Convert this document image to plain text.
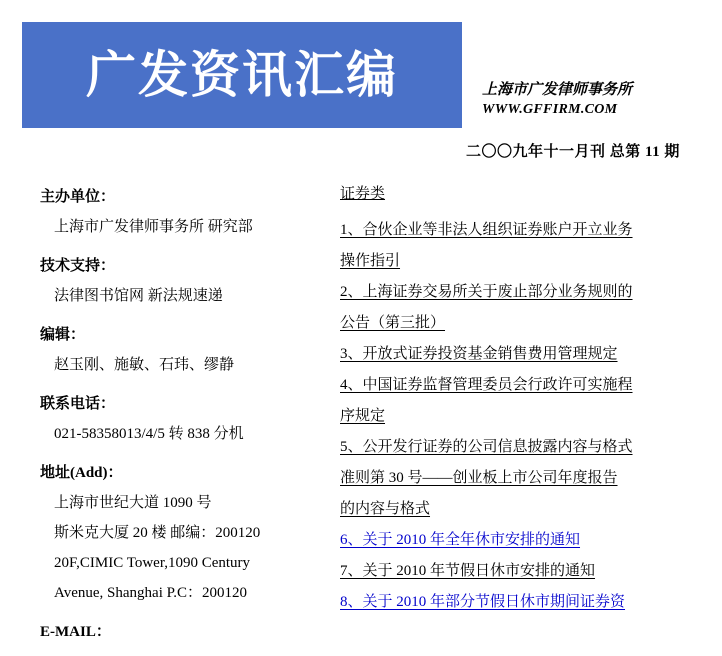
广发资讯汇编	上海市广发律师事务所
WWW.GFFIRM.COM
二〇〇九年十一月刊 总第 11 期
主办单位：
上海市广发律师事务所 研究部
技术支持：
法律图书馆网 新法规速递
编辑：
赵玉刚、施敏、石玮、缪静
联系电话：
021-58358013/4/5 转 838 分机
地址(Add)：
上海市世纪大道 1090 号
斯米克大厦 20 楼 邮编：200120
20F,CIMIC Tower,1090 Century
Avenue, Shanghai P.C：200120
E-MAIL：
证券类
1、合伙企业等非法人组织证券账户开立业务
操作指引
2、上海证券交易所关于废止部分业务规则的
公告（第三批）
3、开放式证券投资基金销售费用管理规定
4、中国证券监督管理委员会行政许可实施程
序规定
5、公开发行证券的公司信息披露内容与格式
准则第 30 号——创业板上市公司年度报告
的内容与格式
6、关于 2010 年全年休市安排的通知
7、关于 2010 年节假日休市安排的通知
8、关于 2010 年部分节假日休市期间证券资
